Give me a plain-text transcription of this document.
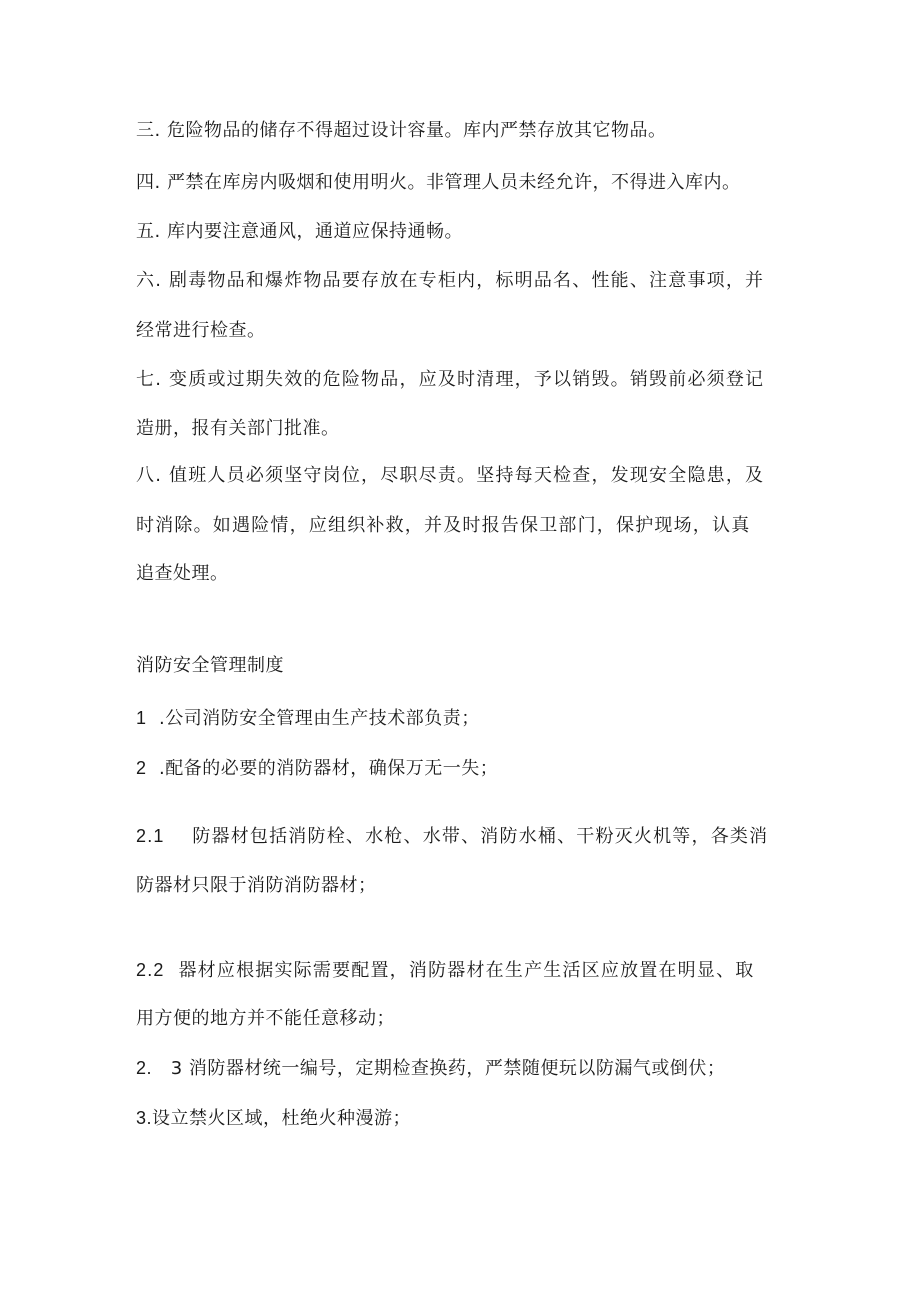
三. 危险物品的储存不得超过设计容量。库内严禁存放其它物品。
四. 严禁在库房内吸烟和使用明火。非管理人员未经允许，不得进入库内。
五. 库内要注意通风，通道应保持通畅。
六. 剧毒物品和爆炸物品要存放在专柜内，标明品名、性能、注意事项，并
经常进行检查。
七. 变质或过期失效的危险物品，应及时清理，予以销毁。销毁前必须登记
造册，报有关部门批准。
八. 值班人员必须坚守岗位，尽职尽责。坚持每天检查，发现安全隐患，及
时消除。如遇险情，应组织补救，并及时报告保卫部门，保护现场，认真
追查处理。
消防安全管理制度
1 .公司消防安全管理由生产技术部负责；
2 .配备的必要的消防器材，确保万无一失；
2.1 防器材包括消防栓、水枪、水带、消防水桶、干粉灭火机等，各类消
防器材只限于消防消防器材；
2.2 器材应根据实际需要配置，消防器材在生产生活区应放置在明显、取
用方便的地方并不能任意移动；
2. 3 消防器材统一编号，定期检查换药，严禁随便玩以防漏气或倒伏；
3.设立禁火区域，杜绝火种漫游；
